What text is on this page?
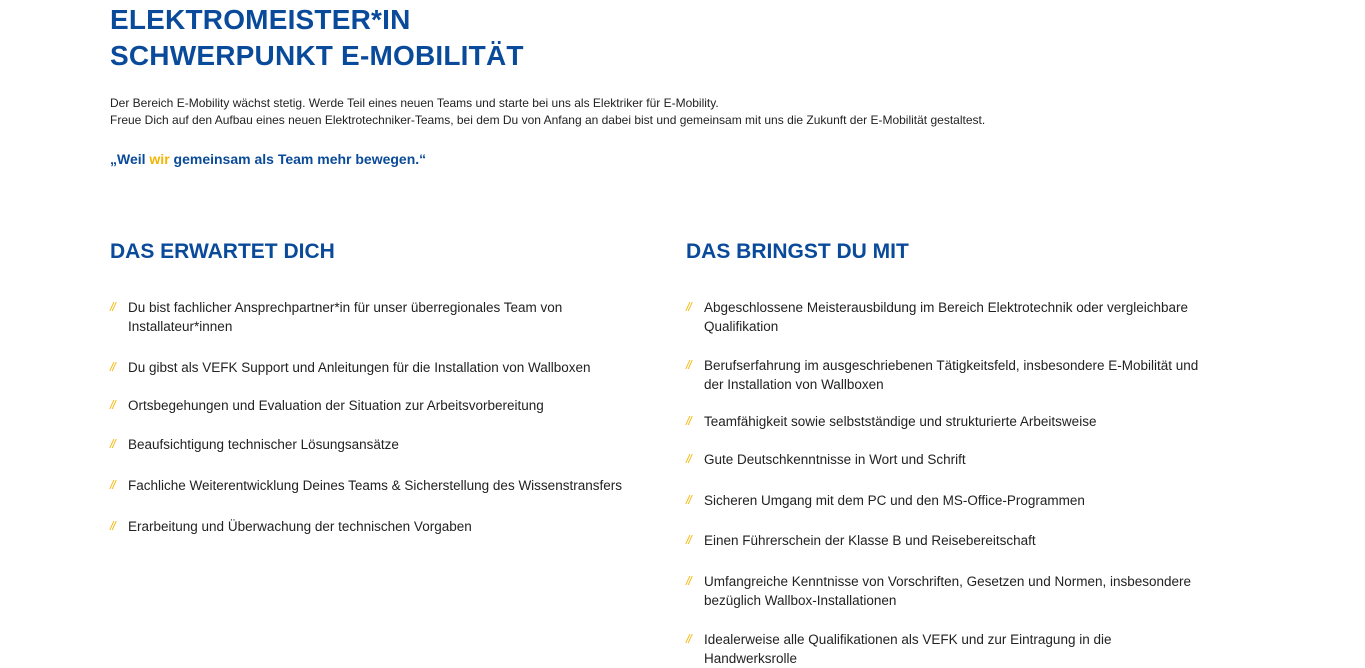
ELEKTROMEISTER*IN
SCHWERPUNKT E-MOBILITÄT

Der Bereich E-Mobility wächst stetig. Werde Teil eines neuen Teams und starte bei uns als Elektriker für E-Mobility.
Freue Dich auf den Aufbau eines neuen Elektrotechniker-Teams, bei dem Du von Anfang an dabei bist und gemeinsam mit uns die Zukunft der E-Mobilität gestaltest.

„Weil wir gemeinsam als Team mehr bewegen.“

DAS ERWARTET DICH
// Du bist fachlicher Ansprechpartner*in für unser überregionales Team von Installateur*innen
// Du gibst als VEFK Support und Anleitungen für die Installation von Wallboxen
// Ortsbegehungen und Evaluation der Situation zur Arbeitsvorbereitung
// Beaufsichtigung technischer Lösungsansätze
// Fachliche Weiterentwicklung Deines Teams & Sicherstellung des Wissenstransfers
// Erarbeitung und Überwachung der technischen Vorgaben
DAS BRINGST DU MIT
// Abgeschlossene Meisterausbildung im Bereich Elektrotechnik oder vergleichbare Qualifikation
// Berufserfahrung im ausgeschriebenen Tätigkeitsfeld, insbesondere E-Mobilität und der Installation von Wallboxen
// Teamfähigkeit sowie selbstständige und strukturierte Arbeitsweise
// Gute Deutschkenntnisse in Wort und Schrift
// Sicheren Umgang mit dem PC und den MS-Office-Programmen
// Einen Führerschein der Klasse B und Reisebereitschaft
// Umfangreiche Kenntnisse von Vorschriften, Gesetzen und Normen, insbesondere bezüglich Wallbox-Installationen
// Idealerweise alle Qualifikationen als VEFK und zur Eintragung in die Handwerksrolle
